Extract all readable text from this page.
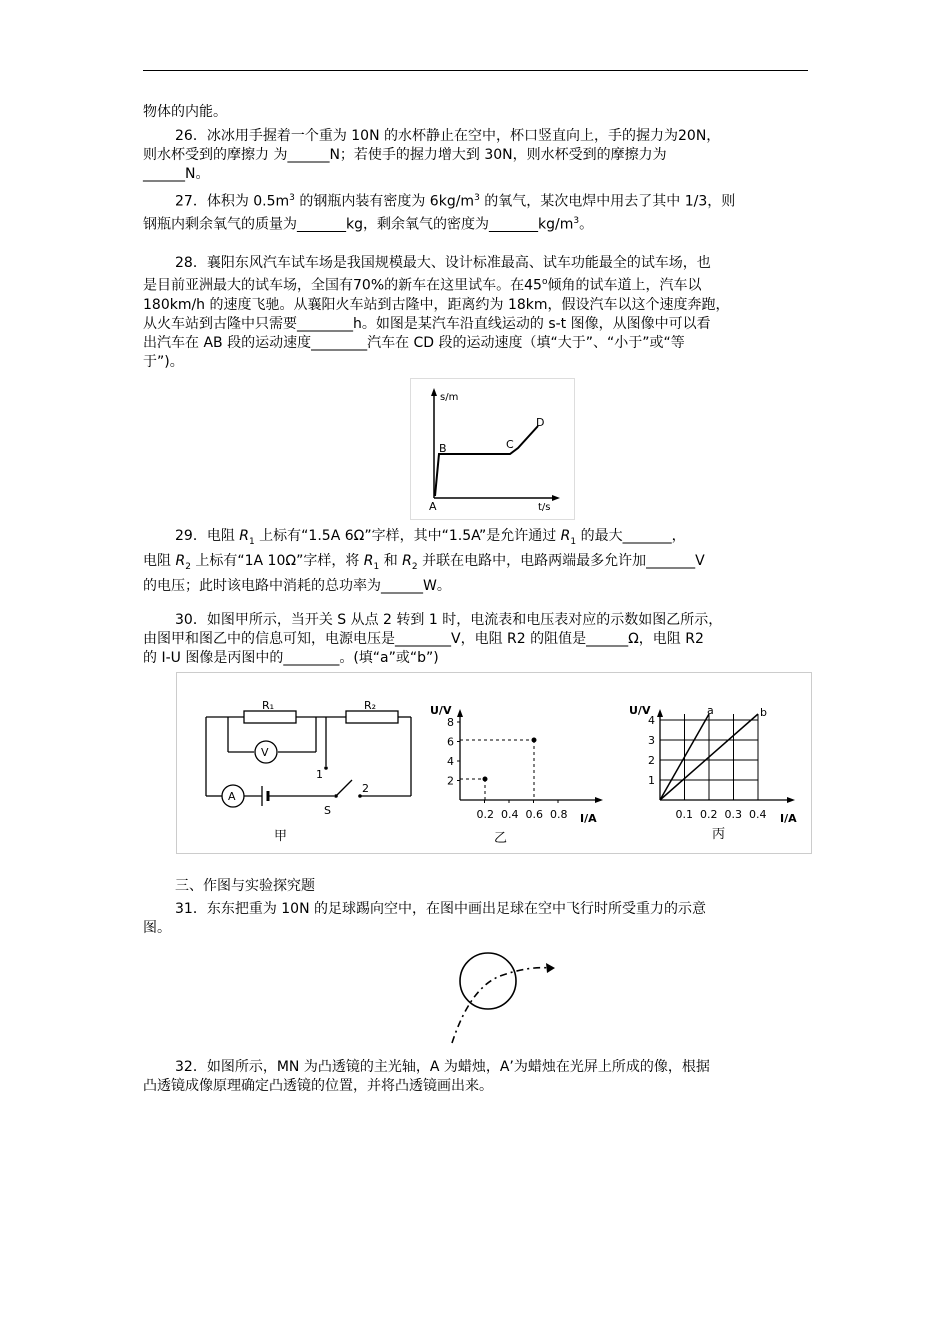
物体的内能。

26．冰冰用手握着一个重为 10N 的水杯静止在空中，杯口竖直向上，手的握力为20N，

则水杯受到的摩擦力 为______N；若使手的握力增大到 30N，则水杯受到的摩擦力为

______N。

27．体积为 $0.5m^3$ 的钢瓶内装有密度为 $6kg/m^3$ 的氧气，某次电焊中用去了其中 1/3，则

钢瓶内剩余氧气的质量为_______kg，剩余氧气的密度为$\_\_\_\_\_\_\_kg/m^3$。

28．襄阳东风汽车试车场是我国规模最大、设计标准最高、试车功能最全的试车场，也

是目前亚洲最大的试车场，全国有70%的新车在这里试车。在45$^o$倾角的试车道上，汽车以

180km/h 的速度飞驰。从襄阳火车站到古隆中，距离约为 18km，假设汽车以这个速度奔跑，

从火车站到古隆中只需要________h。如图是某汽车沿直线运动的 s-t 图像，从图像中可以看

出汽车在 AB 段的运动速度________汽车在 CD 段的运动速度（填“大于”、“小于”或“等

于”)。

s/m
t/s
A
B	C
D

29．电阻 $R_1$ 上标有“1.5A 6Ω”字样，其中“1.5A”是允许通过 $R_1$ 的最大_______，

电阻 $R_2$ 上标有“1A 10Ω”字样，将 $R_1$ 和 $R_2$ 并联在电路中，电路两端最多允许加_______V

的电压；此时该电路中消耗的总功率为______W。

30．如图甲所示，当开关 S 从点 2 转到 1 时，电流表和电压表对应的示数如图乙所示，

由图甲和图乙中的信息可知，电源电压是________V，电阻 R2 的阻值是______Ω，电阻 R2

的 I-U 图像是丙图中的________。(填“a”或“b”)

R₁	R₂
V
1
A
S
2
甲
U/V
I/A
2
4
6
8
0.2 0.4 0.6 0.8
乙
U/V
I/A
1
2
3
4
0.1 0.2 0.3 0.4
a	b
丙

三、作图与实验探究题

31．东东把重为 10N 的足球踢向空中，在图中画出足球在空中飞行时所受重力的示意

图。

32．如图所示，MN 为凸透镜的主光轴，A 为蜡烛，A’为蜡烛在光屏上所成的像，根据

凸透镜成像原理确定凸透镜的位置，并将凸透镜画出来。
